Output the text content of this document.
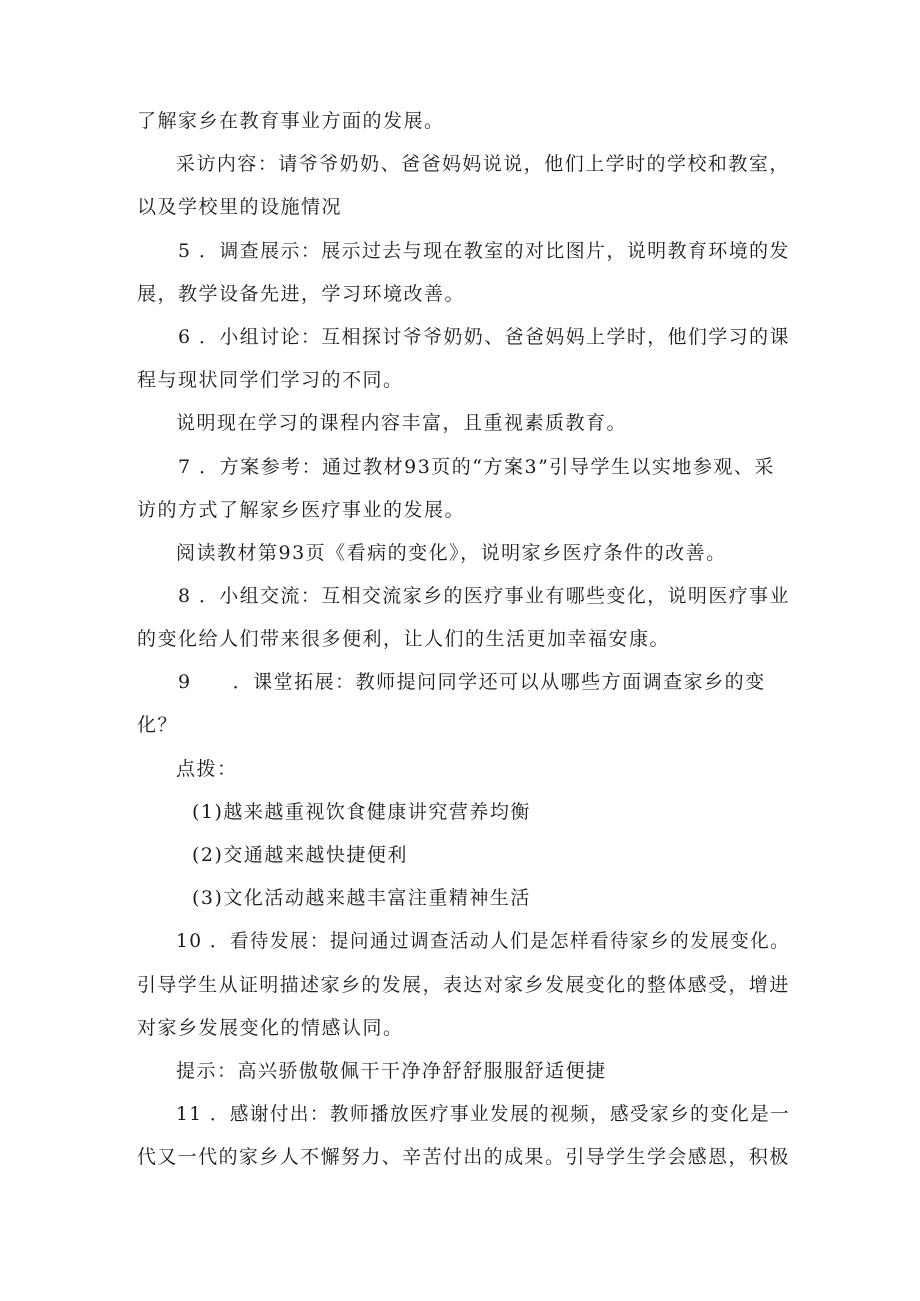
了解家乡在教育事业方面的发展。
采访内容：请爷爷奶奶、爸爸妈妈说说，他们上学时的学校和教室，
以及学校里的设施情况
5 ．调查展示：展示过去与现在教室的对比图片，说明教育环境的发
展，教学设备先进，学习环境改善。
6 ．小组讨论：互相探讨爷爷奶奶、爸爸妈妈上学时，他们学习的课
程与现状同学们学习的不同。
说明现在学习的课程内容丰富，且重视素质教育。
7 ．方案参考：通过教材93页的“方案3”引导学生以实地参观、采
访的方式了解家乡医疗事业的发展。
阅读教材第93页《看病的变化》，说明家乡医疗条件的改善。
8 ．小组交流：互相交流家乡的医疗事业有哪些变化，说明医疗事业
的变化给人们带来很多便利，让人们的生活更加幸福安康。
9　　．课堂拓展：教师提问同学还可以从哪些方面调查家乡的变
化？
点拨：
(1)越来越重视饮食健康讲究营养均衡
(2)交通越来越快捷便利
(3)文化活动越来越丰富注重精神生活
10 ．看待发展：提问通过调查活动人们是怎样看待家乡的发展变化。
引导学生从证明描述家乡的发展，表达对家乡发展变化的整体感受，增进
对家乡发展变化的情感认同。
提示：高兴骄傲敬佩干干净净舒舒服服舒适便捷
11 ．感谢付出：教师播放医疗事业发展的视频，感受家乡的变化是一
代又一代的家乡人不懈努力、辛苦付出的成果。引导学生学会感恩，积极
